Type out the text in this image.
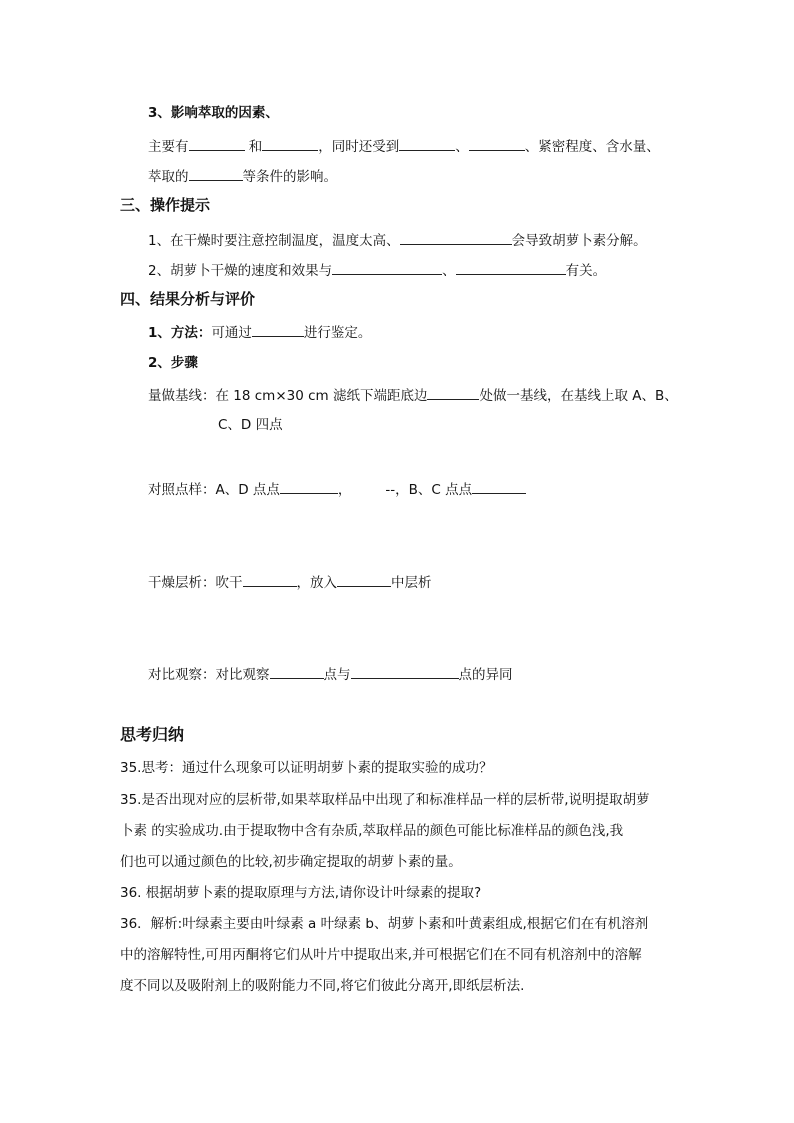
3、影响萃取的因素、
主要有	和	，同时还受到	、	、紧密程度、含水量、
萃取的	等条件的影响。
三、操作提示
1、在干燥时要注意控制温度，温度太高、	会导致胡萝卜素分解。
2、胡萝卜干燥的速度和效果与	、	有关。
四、结果分析与评价
1、方法：可通过	进行鉴定。
2、步骤
量做基线：在 18 cm×30 cm 滤纸下端距底边	处做一基线，在基线上取 A、B、
C、D 四点
对照点样：A、D 点点	，	--，B、C 点点
干燥层析：吹干	，放入	中层析
对比观察：对比观察	点与	点的异同
思考归纳
35.思考：通过什么现象可以证明胡萝卜素的提取实验的成功？
35.是否出现对应的层析带,如果萃取样品中出现了和标准样品一样的层析带,说明提取胡萝
卜素 的实验成功.由于提取物中含有杂质,萃取样品的颜色可能比标准样品的颜色浅,我
们也可以通过颜色的比较,初步确定提取的胡萝卜素的量。
36. 根据胡萝卜素的提取原理与方法,请你设计叶绿素的提取?
36．解析:叶绿素主要由叶绿素 a 叶绿素 b、胡萝卜素和叶黄素组成,根据它们在有机溶剂
中的溶解特性,可用丙酮将它们从叶片中提取出来,并可根据它们在不同有机溶剂中的溶解
度不同以及吸附剂上的吸附能力不同,将它们彼此分离开,即纸层析法.
